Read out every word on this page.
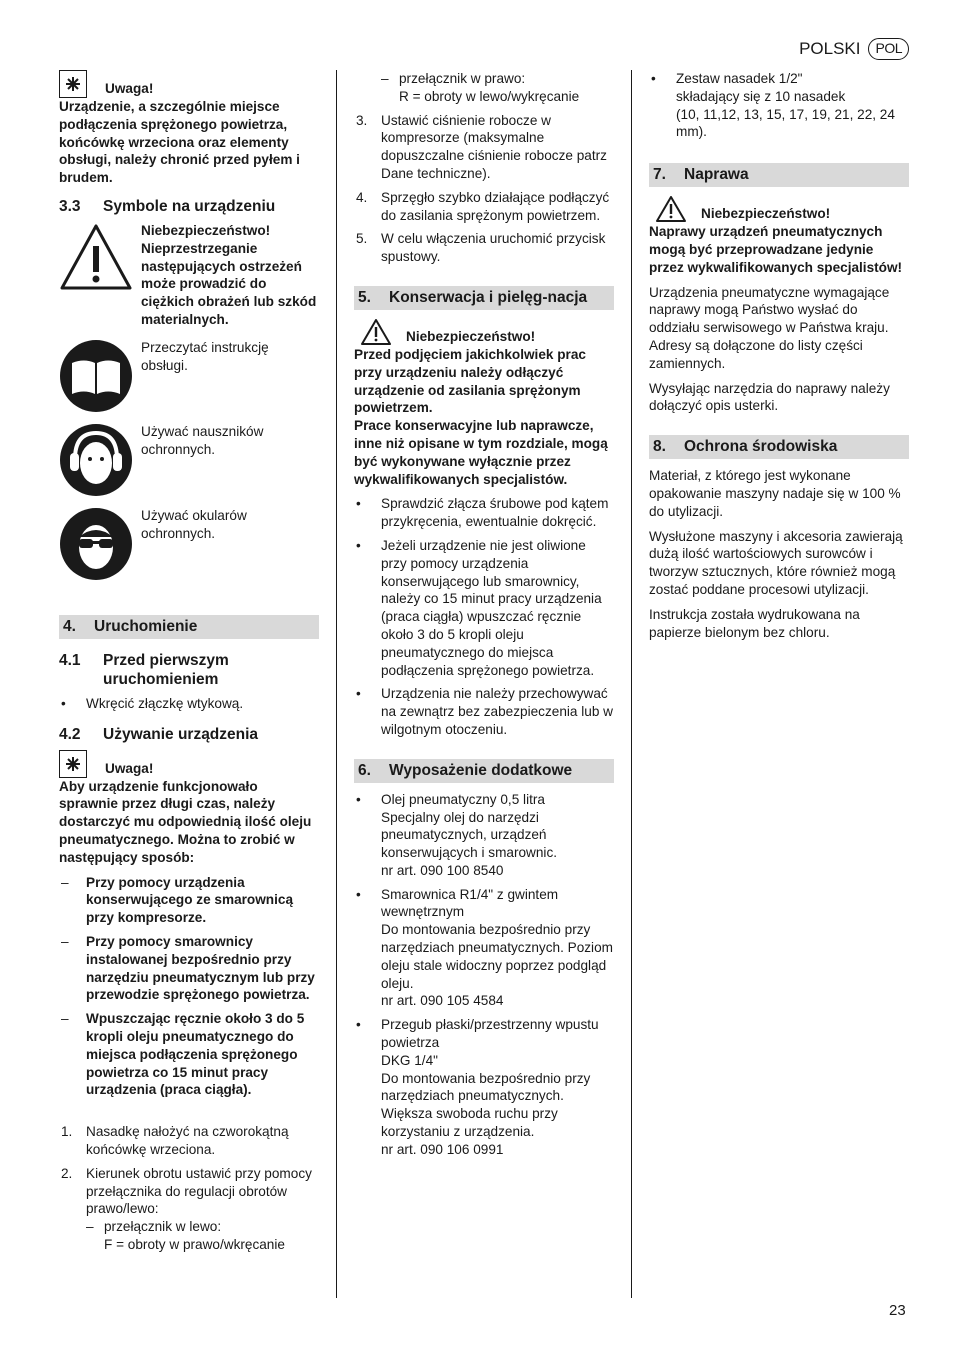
POLSKI	POL
Uwaga!

Urządzenie, a szczególnie miejsce podłączenia sprężonego powietrza, końcówkę wrzeciona oraz elementy obsługi, należy chronić przed pyłem i brudem.

3.3 Symbole na urządzeniu
Niebezpieczeństwo! Nieprzestrzeganie następujących ostrzeżeń może prowadzić do ciężkich obrażeń lub szkód materialnych.
Przeczytać instrukcję obsługi.
Używać nauszników ochronnych.
Używać okularów ochronnych.
4. Uruchomienie
4.1 Przed pierwszym uruchomieniem
• Wkręcić złączkę wtykową.
4.2 Używanie urządzenia
Uwaga!

Aby urządzenie funkcjonowało sprawnie przez długi czas, należy dostarczyć mu odpowiednią ilość oleju pneumatycznego. Można to zrobić w następujący sposób:

– Przy pomocy urządzenia konserwującego ze smarownicą przy kompresorze.
– Przy pomocy smarownicy instalowanej bezpośrednio przy narzędziu pneumatycznym lub przy przewodzie sprężonego powietrza.
– Wpuszczając ręcznie około 3 do 5 kropli oleju pneumatycznego do miejsca podłączenia sprężonego powietrza co 15 minut pracy urządzenia (praca ciągła).
1. Nasadkę nałożyć na czworokątną końcówkę wrzeciona.
2. Kierunek obrotu ustawić przy pomocy przełącznika do regulacji obrotów prawo/lewo:
– przełącznik w lewo:
F = obroty w prawo/wkręcanie
– przełącznik w prawo:
R = obroty w lewo/wykręcanie
3. Ustawić ciśnienie robocze w kompresorze (maksymalne dopuszczalne ciśnienie robocze patrz Dane techniczne).
4. Sprzęgło szybko działające podłączyć do zasilania sprężonym powietrzem.
5. W celu włączenia uruchomić przycisk spustowy.
5. Konserwacja i pielęg-nacja
Niebezpieczeństwo!

Przed podjęciem jakichkolwiek prac przy urządzeniu należy odłączyć urządzenie od zasilania sprężonym powietrzem.

Prace konserwacyjne lub naprawcze, inne niż opisane w tym rozdziale, mogą być wykonywane wyłącznie przez wykwalifikowanych specjalistów.

• Sprawdzić złącza śrubowe pod kątem przykręcenia, ewentualnie dokręcić.
• Jeżeli urządzenie nie jest oliwione przy pomocy urządzenia konserwującego lub smarownicy, należy co 15 minut pracy urządzenia (praca ciągła) wpuszczać ręcznie około 3 do 5 kropli oleju pneumatycznego do miejsca podłączenia sprężonego powietrza.
• Urządzenia nie należy przechowywać na zewnątrz bez zabezpieczenia lub w wilgotnym otoczeniu.
6. Wyposażenie dodatkowe
• Olej pneumatyczny 0,5 litra
Specjalny olej do narzędzi pneumatycznych, urządzeń konserwujących i smarownic.
nr art. 090 100 8540
• Smarownica R1/4" z gwintem wewnętrznym
Do montowania bezpośrednio przy narzędziach pneumatycznych. Poziom oleju stale widoczny poprzez podgląd oleju.
nr art. 090 105 4584
• Przegub płaski/przestrzenny wpustu powietrza
DKG 1/4"
Do montowania bezpośrednio przy narzędziach pneumatycznych. Większa swoboda ruchu przy korzystaniu z urządzenia.
nr art. 090 106 0991
• Zestaw nasadek 1/2"
składający się z 10 nasadek
(10, 11,12, 13, 15, 17, 19, 21, 22, 24 mm).
7. Naprawa
Niebezpieczeństwo!

Naprawy urządzeń pneumatycznych mogą być przeprowadzane jedynie przez wykwalifikowanych specjalistów!

Urządzenia pneumatyczne wymagające naprawy mogą Państwo wysłać do oddziału serwisowego w Państwa kraju. Adresy są dołączone do listy części zamiennych.

Wysyłając narzędzia do naprawy należy dołączyć opis usterki.

8. Ochrona środowiska

Materiał, z którego jest wykonane opakowanie maszyny nadaje się w 100 % do utylizacji.

Wysłużone maszyny i akcesoria zawierają dużą ilość wartościowych surowców i tworzyw sztucznych, które również mogą zostać poddane procesowi utylizacji.

Instrukcja została wydrukowana na papierze bielonym bez chloru.

23
